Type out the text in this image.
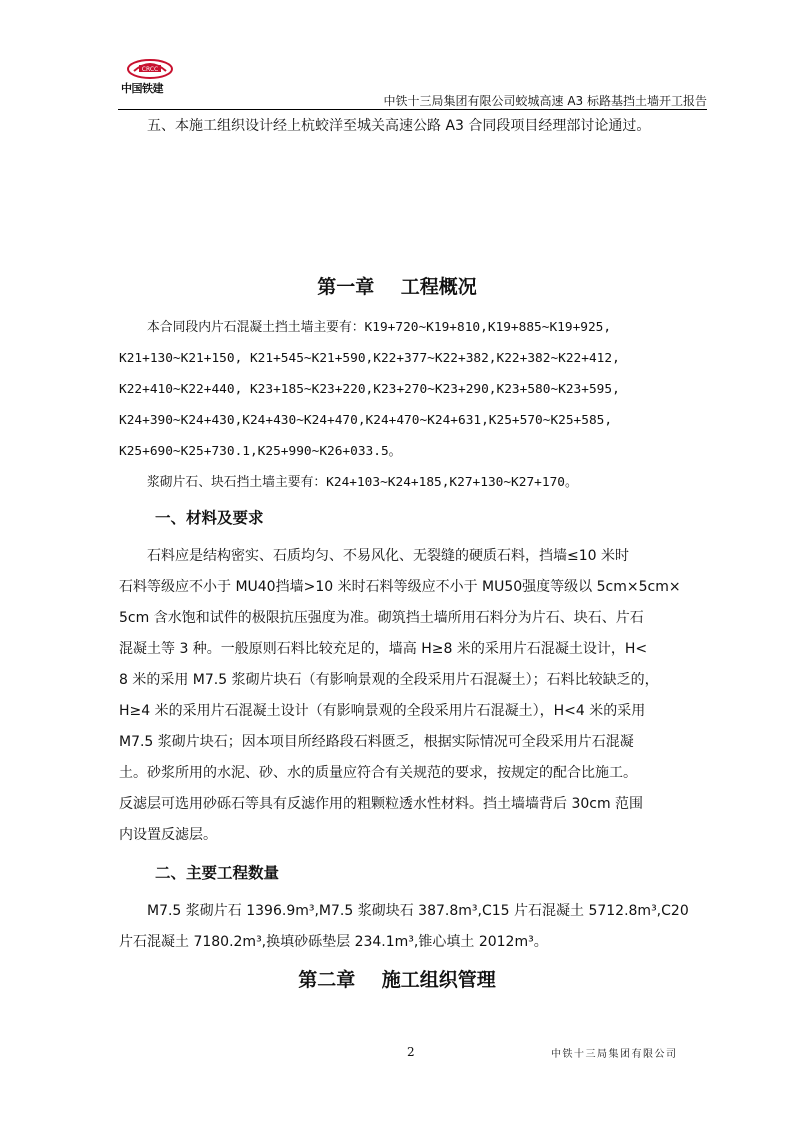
CRCC
中国铁建
中铁十三局集团有限公司蛟城高速 A3 标路基挡土墙开工报告
五、本施工组织设计经上杭蛟洋至城关高速公路 A3 合同段项目经理部讨论通过。
第一章    工程概况
本合同段内片石混凝土挡土墙主要有：K19+720~K19+810,K19+885~K19+925,
K21+130~K21+150, K21+545~K21+590,K22+377~K22+382,K22+382~K22+412,
K22+410~K22+440, K23+185~K23+220,K23+270~K23+290,K23+580~K23+595,
K24+390~K24+430,K24+430~K24+470,K24+470~K24+631,K25+570~K25+585,
K25+690~K25+730.1,K25+990~K26+033.5。
浆砌片石、块石挡土墙主要有：K24+103~K24+185,K27+130~K27+170。
一、材料及要求
石料应是结构密实、石质均匀、不易风化、无裂缝的硬质石料，挡墙≤10 米时
石料等级应不小于 MU40挡墙>10 米时石料等级应不小于 MU50强度等级以 5cm×5cm×
5cm 含水饱和试件的极限抗压强度为准。砌筑挡土墙所用石料分为片石、块石、片石
混凝土等 3 种。一般原则石料比较充足的，墙高 H≥8 米的采用片石混凝土设计，H<
8 米的采用 M7.5 浆砌片块石（有影响景观的全段采用片石混凝土）；石料比较缺乏的，
H≥4 米的采用片石混凝土设计（有影响景观的全段采用片石混凝土），H<4 米的采用
M7.5 浆砌片块石；因本项目所经路段石料匮乏，根据实际情况可全段采用片石混凝
土。砂浆所用的水泥、砂、水的质量应符合有关规范的要求，按规定的配合比施工。
反滤层可选用砂砾石等具有反滤作用的粗颗粒透水性材料。挡土墙墙背后 30cm 范围
内设置反滤层。
二、主要工程数量
M7.5 浆砌片石 1396.9m³,M7.5 浆砌块石 387.8m³,C15 片石混凝土 5712.8m³,C20
片石混凝土 7180.2m³,换填砂砾垫层 234.1m³,锥心填土 2012m³。
第二章    施工组织管理
2	中铁十三局集团有限公司
